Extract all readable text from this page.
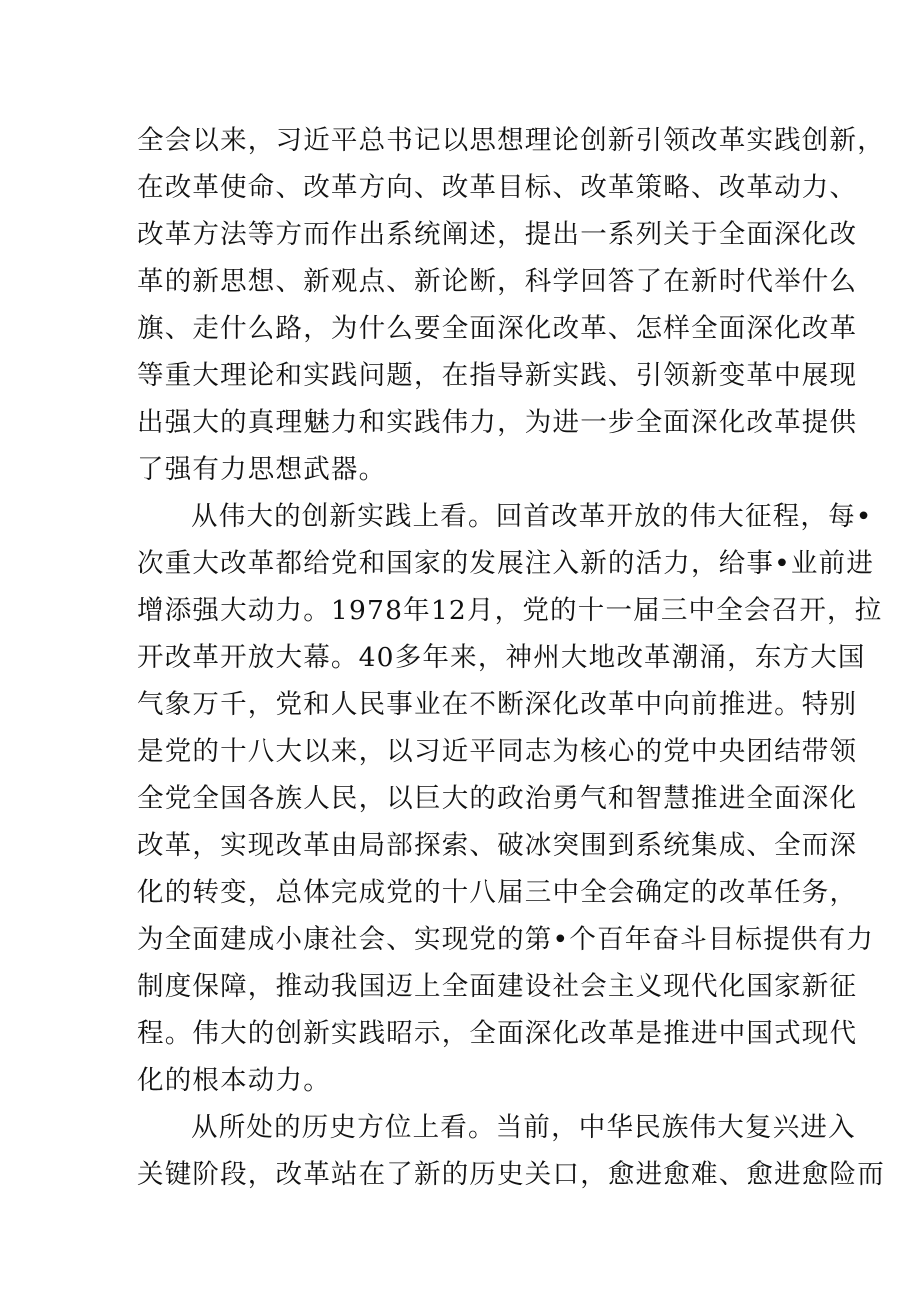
全会以来，习近平总书记以思想理论创新引领改革实践创新，
在改革使命、改革方向、改革目标、改革策略、改革动力、
改革方法等方而作出系统阐述，提出一系列关于全面深化改
革的新思想、新观点、新论断，科学回答了在新时代举什么
旗、走什么路，为什么要全面深化改革、怎样全面深化改革
等重大理论和实践问题，在指导新实践、引领新变革中展现
出强大的真理魅力和实践伟力，为进一步全面深化改革提供
了强有力思想武器。
从伟大的创新实践上看。回首改革开放的伟大征程，每•
次重大改革都给党和国家的发展注入新的活力，给事•业前进
增添强大动力。1978年12月，党的十一届三中全会召开，拉
开改革开放大幕。40多年来，神州大地改革潮涌，东方大国
气象万千，党和人民事业在不断深化改革中向前推进。特别
是党的十八大以来，以习近平同志为核心的党中央团结带领
全党全国各族人民，以巨大的政治勇气和智慧推进全面深化
改革，实现改革由局部探索、破冰突围到系统集成、全而深
化的转变，总体完成党的十八届三中全会确定的改革任务，
为全面建成小康社会、实现党的第•个百年奋斗目标提供有力
制度保障，推动我国迈上全面建设社会主义现代化国家新征
程。伟大的创新实践昭示，全面深化改革是推进中国式现代
化的根本动力。
从所处的历史方位上看。当前，中华民族伟大复兴进入
关键阶段，改革站在了新的历史关口，愈进愈难、愈进愈险而
